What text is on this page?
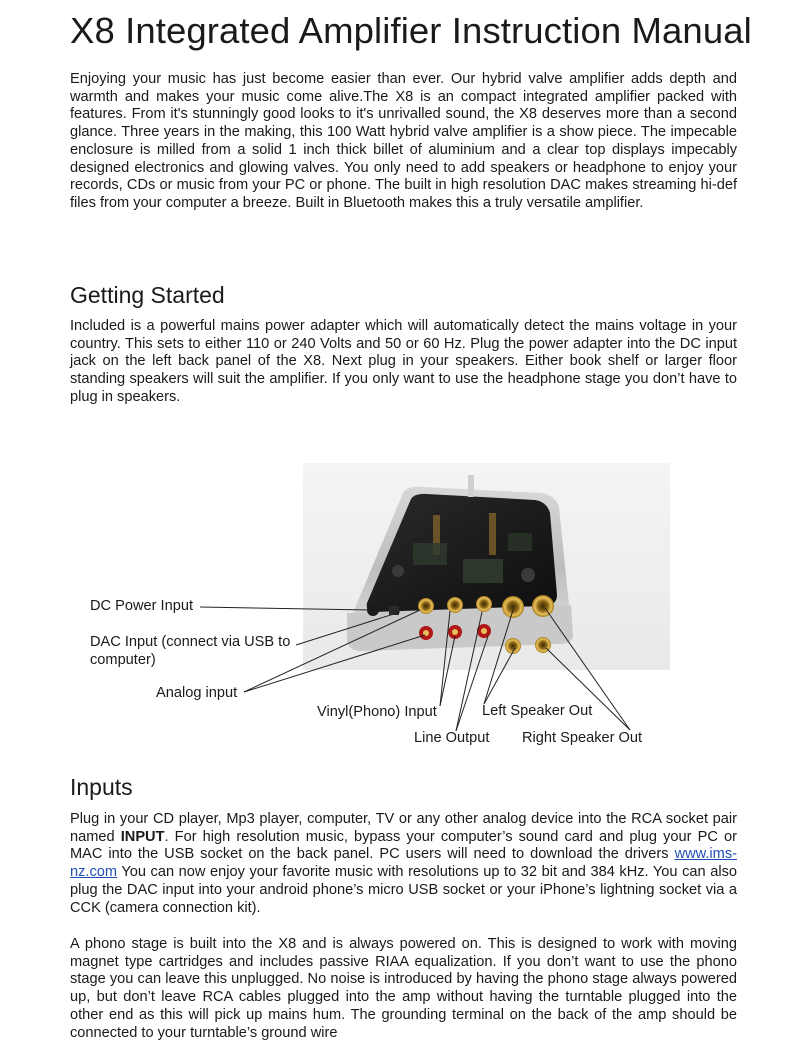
X8 Integrated Amplifier Instruction Manual

Enjoying your music has just become easier than ever. Our hybrid valve amplifier adds depth and warmth and makes your music come alive.The X8 is an compact integrated amplifier packed with features. From it's stunningly good looks to it's unrivalled sound, the X8 deserves more than a second glance. Three years in the making, this 100 Watt hybrid valve amplifier is a show piece. The impecable enclosure is milled from a solid 1 inch thick billet of aluminium and a clear top displays impecably designed electronics and glowing valves. You only need to add speakers or headphone to enjoy your records, CDs or music from your PC or phone. The built in high resolution DAC makes streaming hi-def files from your computer a breeze. Built in Bluetooth makes this a truly versatile amplifier.

Getting Started

Included is a powerful mains power adapter which will automatically detect the mains voltage in your country. This sets to either 110 or 240 Volts and 50 or 60 Hz. Plug the power adapter into the DC input jack on the left back panel of the X8. Next plug in your speakers. Either book shelf or larger floor standing speakers will suit the amplifier. If you only want to use the headphone stage you don’t have to plug in speakers.

DC Power Input
DAC Input (connect via USB to computer)
Analog input
Vinyl(Phono) Input	Left Speaker Out
Line Output Right Speaker Out
Inputs

Plug in your CD player, Mp3 player, computer, TV or any other analog device into the RCA socket pair named INPUT. For high resolution music, bypass your computer’s sound card and plug your PC or MAC into the USB socket on the back panel. PC users will need to download the drivers www.ims-nz.com You can now enjoy your favorite music with resolutions up to 32 bit and 384 kHz. You can also plug the DAC input into your android phone’s micro USB socket or your iPhone’s lightning socket via a CCK (camera connection kit).

A phono stage is built into the X8 and is always powered on. This is designed to work with moving magnet type cartridges and includes passive RIAA equalization. If you don’t want to use the phono stage you can leave this unplugged. No noise is introduced by having the phono stage always powered up, but don’t leave RCA cables plugged into the amp without having the turntable plugged into the other end as this will pick up mains hum. The grounding terminal on the back of the amp should be connected to your turntable’s ground wire
